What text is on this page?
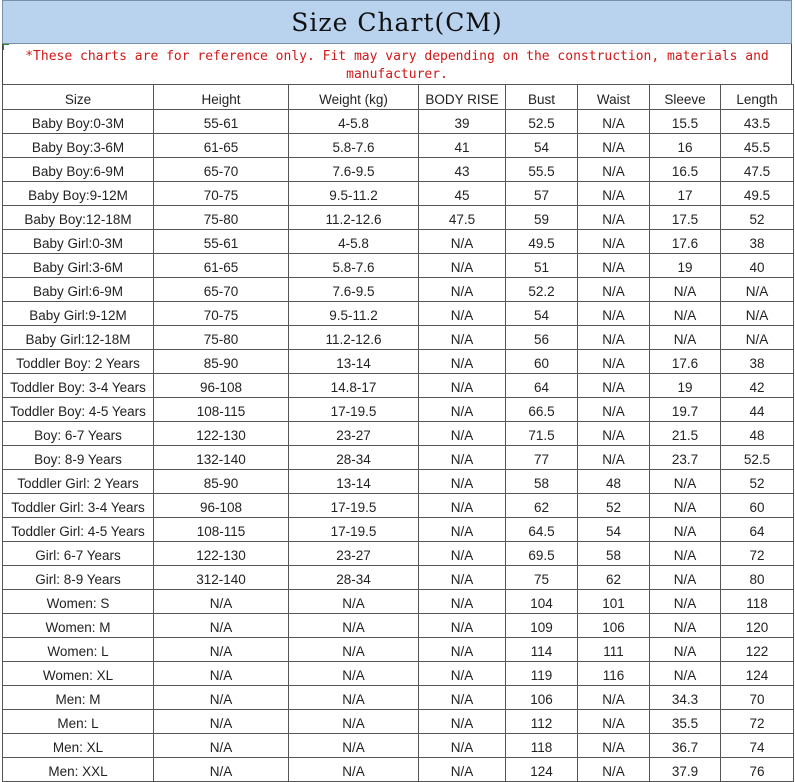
Size Chart(CM)
*These charts are for reference only. Fit may vary depending on the construction, materials and manufacturer.
Size	Height	Weight (kg)	BODY RISE	Bust	Waist	Sleeve	Length
Baby Boy:0-3M	55-61	4-5.8	39	52.5	N/A	15.5	43.5
Baby Boy:3-6M	61-65	5.8-7.6	41	54	N/A	16	45.5
Baby Boy:6-9M	65-70	7.6-9.5	43	55.5	N/A	16.5	47.5
Baby Boy:9-12M	70-75	9.5-11.2	45	57	N/A	17	49.5
Baby Boy:12-18M	75-80	11.2-12.6	47.5	59	N/A	17.5	52
Baby Girl:0-3M	55-61	4-5.8	N/A	49.5	N/A	17.6	38
Baby Girl:3-6M	61-65	5.8-7.6	N/A	51	N/A	19	40
Baby Girl:6-9M	65-70	7.6-9.5	N/A	52.2	N/A	N/A	N/A
Baby Girl:9-12M	70-75	9.5-11.2	N/A	54	N/A	N/A	N/A
Baby Girl:12-18M	75-80	11.2-12.6	N/A	56	N/A	N/A	N/A
Toddler Boy: 2 Years	85-90	13-14	N/A	60	N/A	17.6	38
Toddler Boy: 3-4 Years	96-108	14.8-17	N/A	64	N/A	19	42
Toddler Boy: 4-5 Years	108-115	17-19.5	N/A	66.5	N/A	19.7	44
Boy: 6-7 Years	122-130	23-27	N/A	71.5	N/A	21.5	48
Boy: 8-9 Years	132-140	28-34	N/A	77	N/A	23.7	52.5
Toddler Girl: 2 Years	85-90	13-14	N/A	58	48	N/A	52
Toddler Girl: 3-4 Years	96-108	17-19.5	N/A	62	52	N/A	60
Toddler Girl: 4-5 Years	108-115	17-19.5	N/A	64.5	54	N/A	64
Girl: 6-7 Years	122-130	23-27	N/A	69.5	58	N/A	72
Girl: 8-9 Years	312-140	28-34	N/A	75	62	N/A	80
Women: S	N/A	N/A	N/A	104	101	N/A	118
Women: M	N/A	N/A	N/A	109	106	N/A	120
Women: L	N/A	N/A	N/A	114	111	N/A	122
Women: XL	N/A	N/A	N/A	119	116	N/A	124
Men: M	N/A	N/A	N/A	106	N/A	34.3	70
Men: L	N/A	N/A	N/A	112	N/A	35.5	72
Men: XL	N/A	N/A	N/A	118	N/A	36.7	74
Men: XXL	N/A	N/A	N/A	124	N/A	37.9	76
